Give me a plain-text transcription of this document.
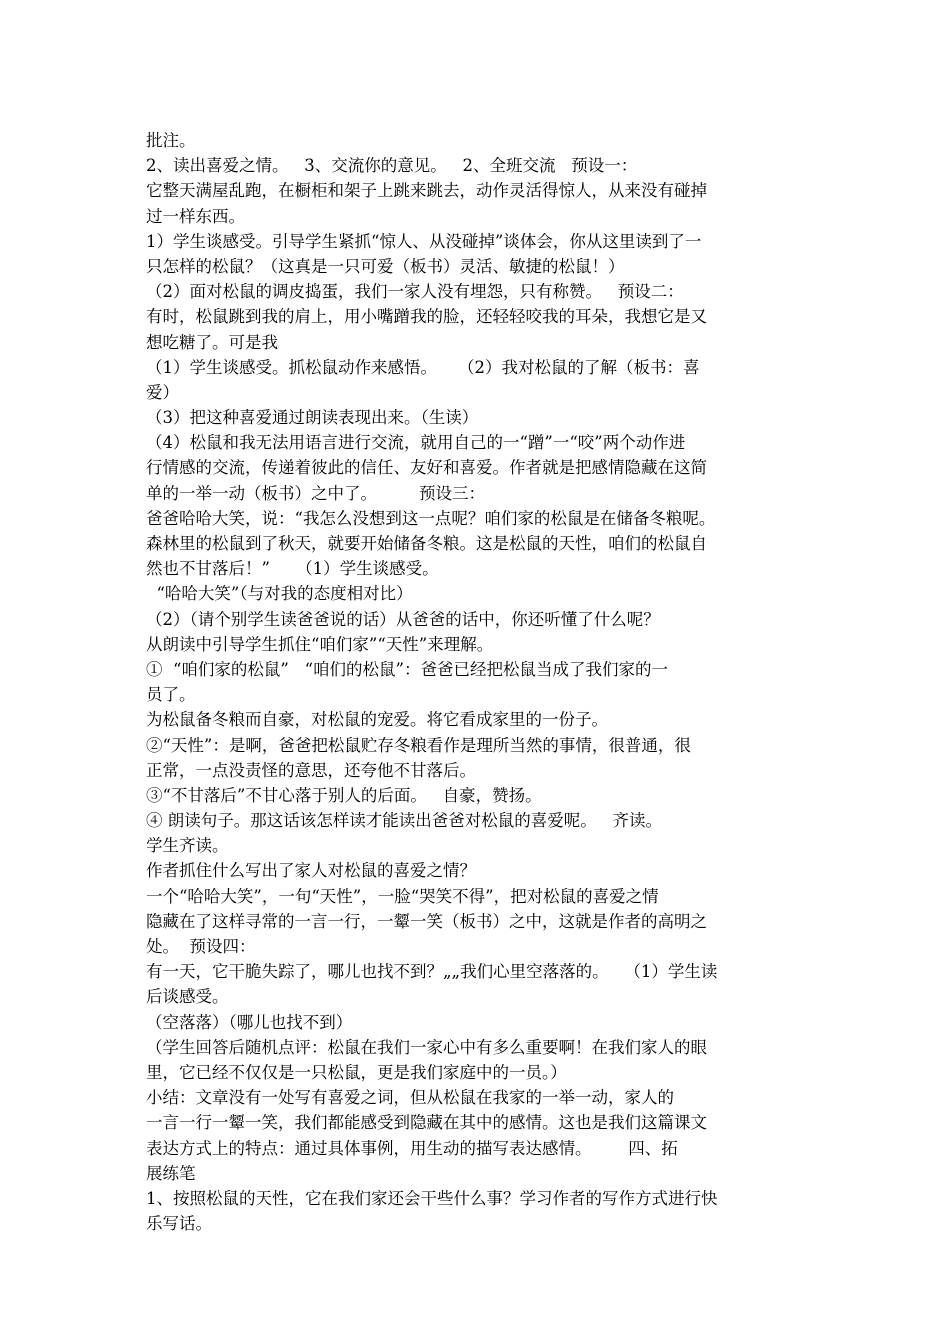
批注。
2、读出喜爱之情。   3、交流你的意见。   2、全班交流   预设一：
它整天满屋乱跑，在橱柜和架子上跳来跳去，动作灵活得惊人，从来没有碰掉
过一样东西。
1）学生谈感受。引导学生紧抓“惊人、从没碰掉”谈体会，你从这里读到了一
只怎样的松鼠？（这真是一只可爱（板书）灵活、敏捷的松鼠！）
（2）面对松鼠的调皮捣蛋，我们一家人没有埋怨，只有称赞。   预设二：
有时，松鼠跳到我的肩上，用小嘴蹭我的脸，还轻轻咬我的耳朵，我想它是又
想吃糖了。可是我
（1）学生谈感受。抓松鼠动作来感悟。    （2）我对松鼠的了解（板书：喜
爱）
（3）把这种喜爱通过朗读表现出来。（生读）
（4）松鼠和我无法用语言进行交流，就用自己的一“蹭”一“咬”两个动作进
行情感的交流，传递着彼此的信任、友好和喜爱。作者就是把感情隐藏在这简
单的一举一动（板书）之中了。        预设三：
爸爸哈哈大笑，说：“我怎么没想到这一点呢？咱们家的松鼠是在储备冬粮呢。
森林里的松鼠到了秋天，就要开始储备冬粮。这是松鼠的天性，咱们的松鼠自
然也不甘落后！”     （1）学生谈感受。
“哈哈大笑”（与对我的态度相对比）
（2）（请个别学生读爸爸说的话）从爸爸的话中，你还听懂了什么呢？
从朗读中引导学生抓住“咱们家”“天性”来理解。
①  “咱们家的松鼠”   “咱们的松鼠”：爸爸已经把松鼠当成了我们家的一
员了。
为松鼠备冬粮而自豪，对松鼠的宠爱。将它看成家里的一份子。
②“天性”：是啊，爸爸把松鼠贮存冬粮看作是理所当然的事情，很普通，很
正常，一点没责怪的意思，还夸他不甘落后。
③“不甘落后”不甘心落于别人的后面。   自豪，赞扬。
④ 朗读句子。那这话该怎样读才能读出爸爸对松鼠的喜爱呢。   齐读。
学生齐读。
作者抓住什么写出了家人对松鼠的喜爱之情？
一个“哈哈大笑”，一句“天性”，一脸“哭笑不得”，把对松鼠的喜爱之情
隐藏在了这样寻常的一言一行，一颦一笑（板书）之中，这就是作者的高明之
处。  预设四：
有一天，它干脆失踪了，哪儿也找不到？„„我们心里空落落的。   （1）学生读
后谈感受。
（空落落）（哪儿也找不到）
（学生回答后随机点评：松鼠在我们一家心中有多么重要啊！在我们家人的眼
里，它已经不仅仅是一只松鼠，更是我们家庭中的一员。）
小结：文章没有一处写有喜爱之词，但从松鼠在我家的一举一动，家人的
一言一行一颦一笑，我们都能感受到隐藏在其中的感情。这也是我们这篇课文
表达方式上的特点：通过具体事例，用生动的描写表达感情。       四、拓
展练笔
1、按照松鼠的天性，它在我们家还会干些什么事？学习作者的写作方式进行快
乐写话。
